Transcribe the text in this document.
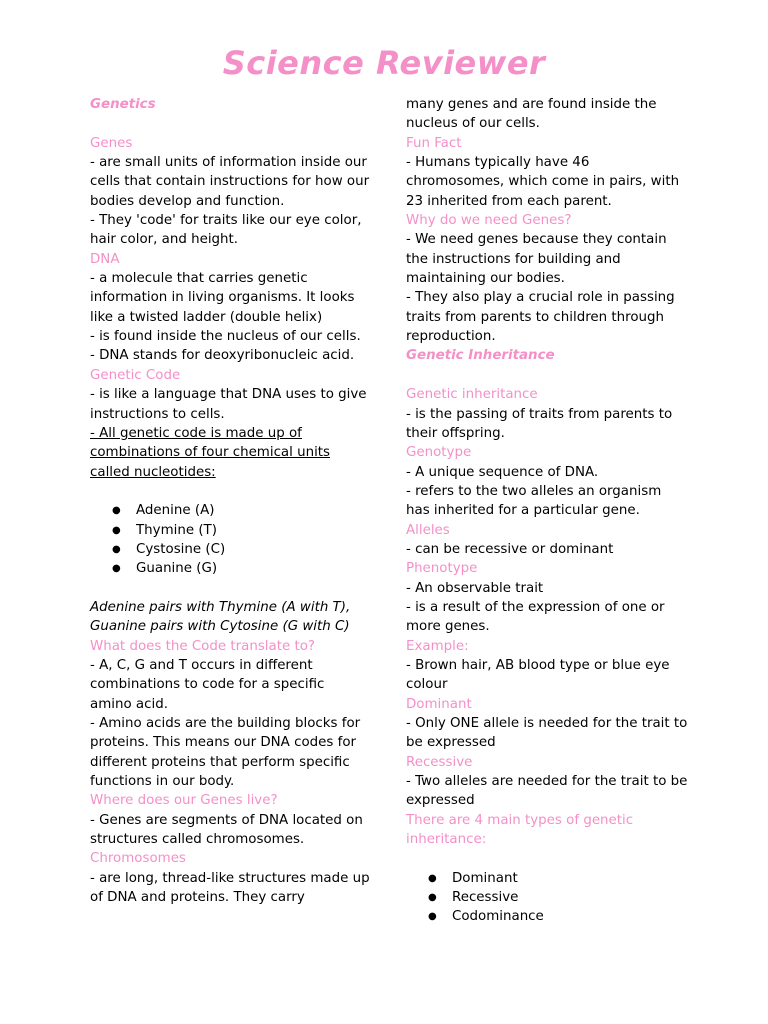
Science Reviewer

Genetics

Genes

- are small units of information inside our cells that contain instructions for how our bodies develop and function.

- They 'code' for traits like our eye color, hair color, and height.

DNA

- a molecule that carries genetic information in living organisms. It looks like a twisted ladder (double helix)

- is found inside the nucleus of our cells.

- DNA stands for deoxyribonucleic acid.

Genetic Code

- is like a language that DNA uses to give instructions to cells.

- All genetic code is made up of combinations of four chemical units called nucleotides:

● Adenine (A)
● Thymine (T)
● Cystosine (C)
● Guanine (G)

Adenine pairs with Thymine (A with T), Guanine pairs with Cytosine (G with C)

What does the Code translate to?

- A, C, G and T occurs in different combinations to code for a specific amino acid.

- Amino acids are the building blocks for proteins. This means our DNA codes for different proteins that perform specific functions in our body.

Where does our Genes live?

- Genes are segments of DNA located on structures called chromosomes.

Chromosomes

- are long, thread-like structures made up of DNA and proteins. They carry

many genes and are found inside the nucleus of our cells.

Fun Fact

- Humans typically have 46 chromosomes, which come in pairs, with 23 inherited from each parent.

Why do we need Genes?

- We need genes because they contain the instructions for building and maintaining our bodies.

- They also play a crucial role in passing traits from parents to children through reproduction.

Genetic Inheritance

Genetic inheritance

- is the passing of traits from parents to their offspring.

Genotype

- A unique sequence of DNA.

- refers to the two alleles an organism has inherited for a particular gene.

Alleles

- can be recessive or dominant

Phenotype

- An observable trait

- is a result of the expression of one or more genes.

Example:

- Brown hair, AB blood type or blue eye colour

Dominant

- Only ONE allele is needed for the trait to be expressed

Recessive

- Two alleles are needed for the trait to be expressed

There are 4 main types of genetic inheritance:

● Dominant
● Recessive
● Codominance
